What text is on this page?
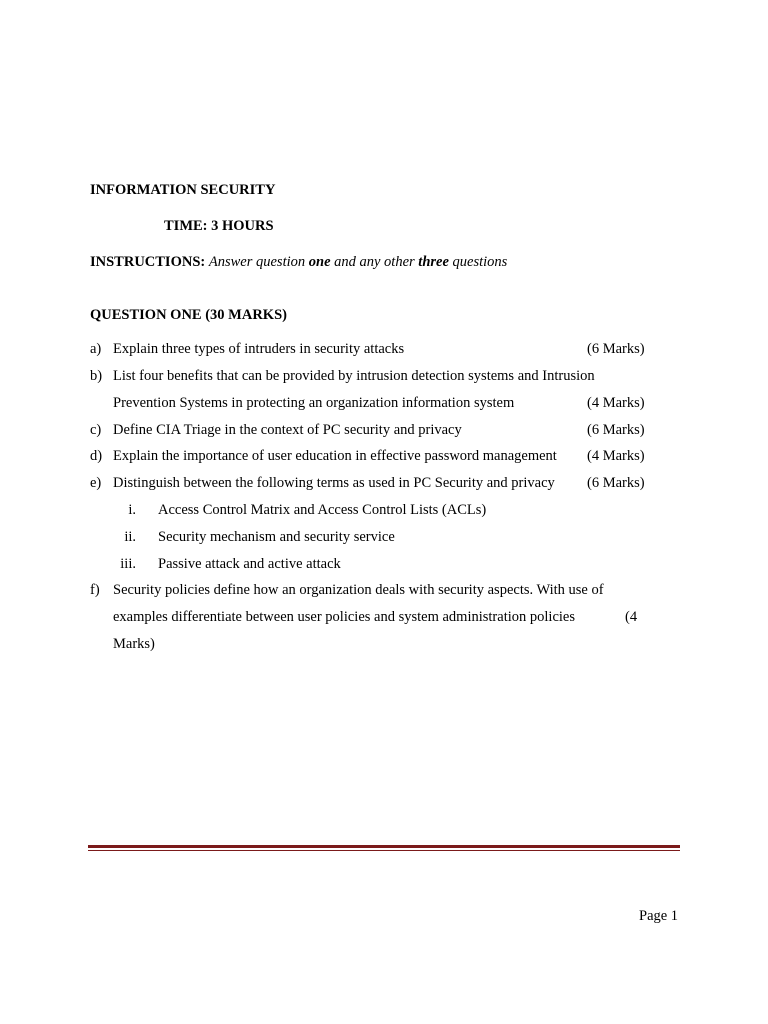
INFORMATION SECURITY
TIME: 3 HOURS
INSTRUCTIONS: Answer question one and any other three questions
QUESTION ONE (30 MARKS)
a) Explain three types of intruders in security attacks	(6 Marks)
b) List four benefits that can be provided by intrusion detection systems and Intrusion
Prevention Systems in protecting an organization information system	(4 Marks)
c) Define CIA Triage in the context of PC security and privacy	(6 Marks)
d) Explain the importance of user education in effective password management (4 Marks)
e) Distinguish between the following terms as used in PC Security and privacy (6 Marks)
i. Access Control Matrix and Access Control Lists (ACLs)
ii. Security mechanism and security service
iii. Passive attack and active attack
f) Security policies define how an organization deals with security aspects. With use of
examples differentiate between user policies and system administration policies	(4
Marks)
Page 1
